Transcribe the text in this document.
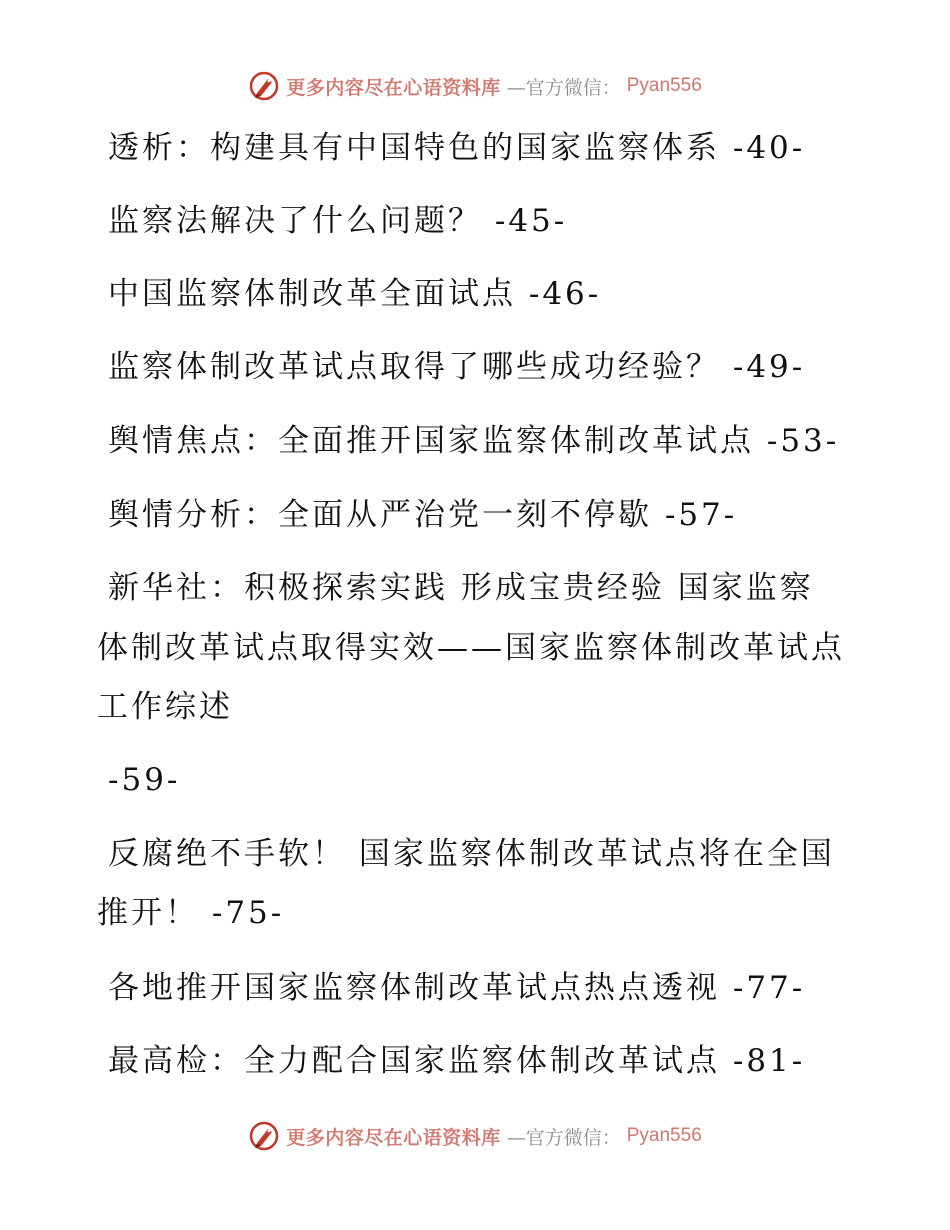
更多内容尽在心语资料库 —官方微信： Pyan556
透析：构建具有中国特色的国家监察体系 -40-
监察法解决了什么问题？ -45-
中国监察体制改革全面试点 -46-
监察体制改革试点取得了哪些成功经验？ -49-
舆情焦点：全面推开国家监察体制改革试点 -53-
舆情分析：全面从严治党一刻不停歇 -57-
新华社：积极探索实践 形成宝贵经验 国家监察
体制改革试点取得实效——国家监察体制改革试点
工作综述
-59-
反腐绝不手软！ 国家监察体制改革试点将在全国
推开！ -75-
各地推开国家监察体制改革试点热点透视 -77-
最高检：全力配合国家监察体制改革试点 -81-
更多内容尽在心语资料库 —官方微信： Pyan556
